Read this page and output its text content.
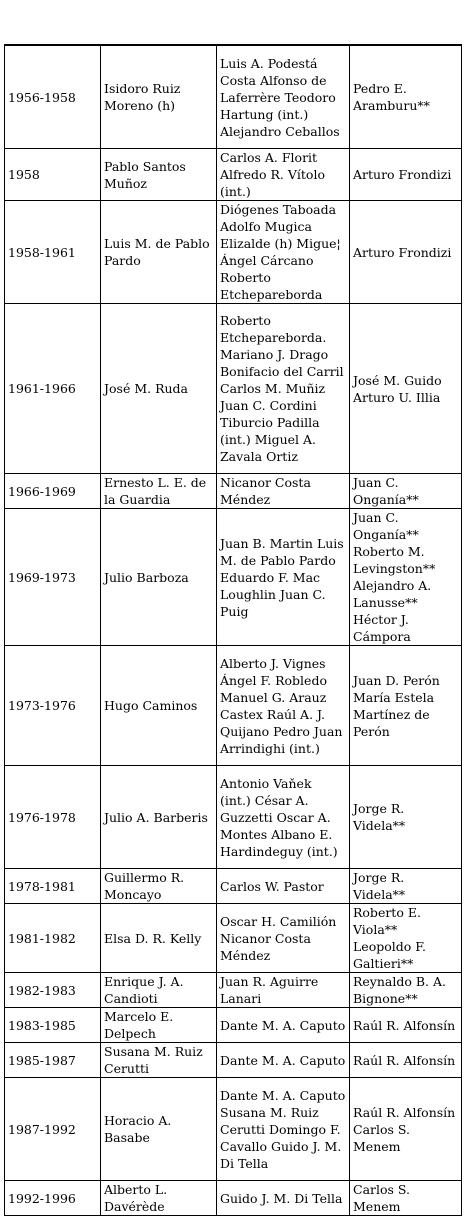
1956-1958	Isidoro Ruiz Moreno (h)	Luis A. Podestá Costa Alfonso de Laferrère Teodoro Hartung (int.) Alejandro Ceballos	Pedro E. Aramburu**
1958	Pablo Santos Muñoz	Carlos A. Florit Alfredo R. Vítolo (int.)	Arturo Frondizi
1958-1961	Luis M. de Pablo Pardo	Diógenes Taboada Adolfo Mugica Elizalde (h) Migue¦ Ángel Cárcano Roberto Etchepareborda	Arturo Frondizi
1961-1966	José M. Ruda	Roberto Etchepareborda. Mariano J. Drago Bonifacio del Carril Carlos M. Muñiz Juan C. Cordini Tiburcio Padilla (int.) Miguel A. Zavala Ortiz	José M. Guido Arturo U. Illia
1966-1969	Ernesto L. E. de la Guardia	Nicanor Costa Méndez	Juan C. Onganía**
1969-1973	Julio Barboza	Juan B. Martin Luis M. de Pablo Pardo Eduardo F. Mac Loughlin Juan C. Puig	Juan C. Onganía** Roberto M. Levingston** Alejandro A. Lanusse** Héctor J. Cámpora
1973-1976	Hugo Caminos	Alberto J. Vignes Ángel F. Robledo Manuel G. Arauz Castex Raúl A. J. Quijano Pedro Juan Arrindighi (int.)	Juan D. Perón María Estela Martínez de Perón
1976-1978	Julio A. Barberis	Antonio Vaňek (int.) César A. Guzzetti Oscar A. Montes Albano E. Hardindeguy (int.)	Jorge R. Videla**
1978-1981	Guillermo R. Moncayo	Carlos W. Pastor	Jorge R. Videla**
1981-1982	Elsa D. R. Kelly	Oscar H. Camilión Nicanor Costa Méndez	Roberto E. Viola** Leopoldo F. Galtieri**
1982-1983	Enrique J. A. Candioti	Juan R. Aguirre Lanari	Reynaldo B. A. Bignone**
1983-1985	Marcelo E. Delpech	Dante M. A. Caputo	Raúl R. Alfonsín
1985-1987	Susana M. Ruiz Cerutti	Dante M. A. Caputo	Raúl R. Alfonsín
1987-1992	Horacio A. Basabe	Dante M. A. Caputo Susana M. Ruiz Cerutti Domingo F. Cavallo Guido J. M. Di Tella	Raúl R. Alfonsín Carlos S. Menem
1992-1996	Alberto L. Davérède	Guido J. M. Di Tella	Carlos S. Menem
